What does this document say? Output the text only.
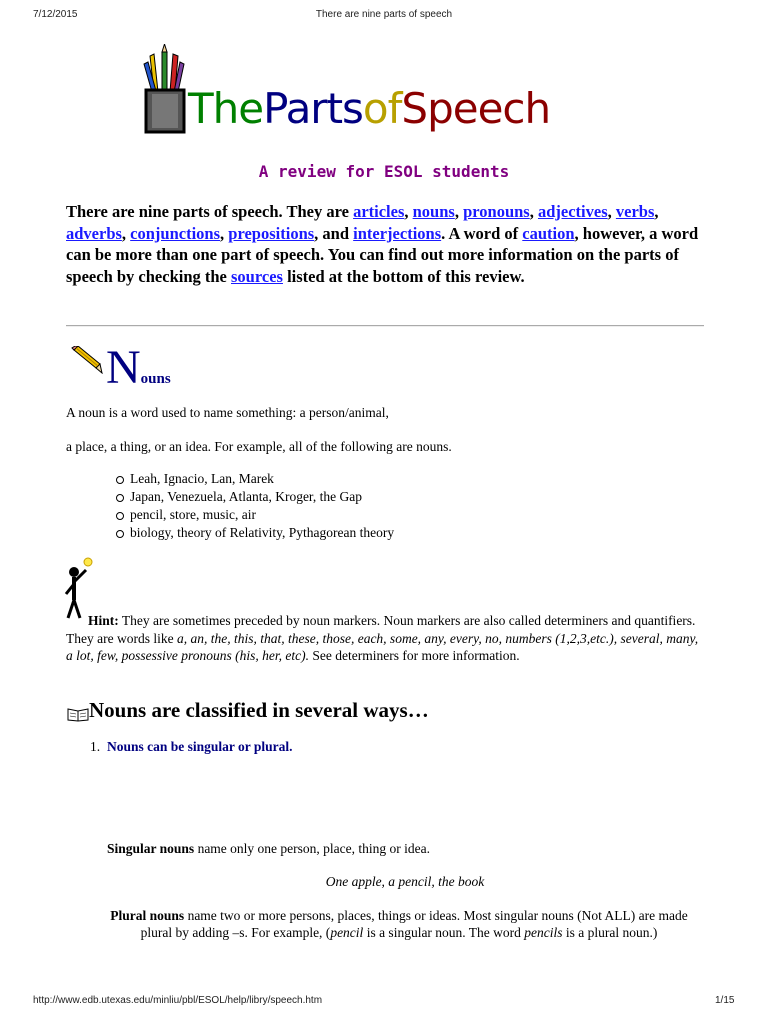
7/12/2015	There are nine parts of speech
ThePartsofSpeech
A review for ESOL students
There are nine parts of speech. They are articles, nouns, pronouns, adjectives, verbs, adverbs, conjunctions, prepositions, and interjections. A word of caution, however, a word can be more than one part of speech. You can find out more information on the parts of speech by checking the sources listed at the bottom of this review.
Nouns
A noun is a word used to name something: a person/animal,
a place, a thing, or an idea. For example, all of the following are nouns.
Leah, Ignacio, Lan, Marek
Japan, Venezuela, Atlanta, Kroger, the Gap
pencil, store, music, air
biology, theory of Relativity, Pythagorean theory
Hint: They are sometimes preceded by noun markers. Noun markers are also called determiners and quantifiers. They are words like a, an, the, this, that, these, those, each, some, any, every, no, numbers (1,2,3,etc.), several, many, a lot, few, possessive pronouns (his, her, etc). See determiners for more information.
Nouns are classified in several ways…
1. Nouns can be singular or plural.
Singular nouns name only one person, place, thing or idea.
One apple, a pencil, the book
Plural nouns name two or more persons, places, things or ideas. Most singular nouns (Not ALL) are made plural by adding –s. For example, (pencil is a singular noun. The word pencils is a plural noun.)
http://www.edb.utexas.edu/minliu/pbl/ESOL/help/libry/speech.htm	1/15
